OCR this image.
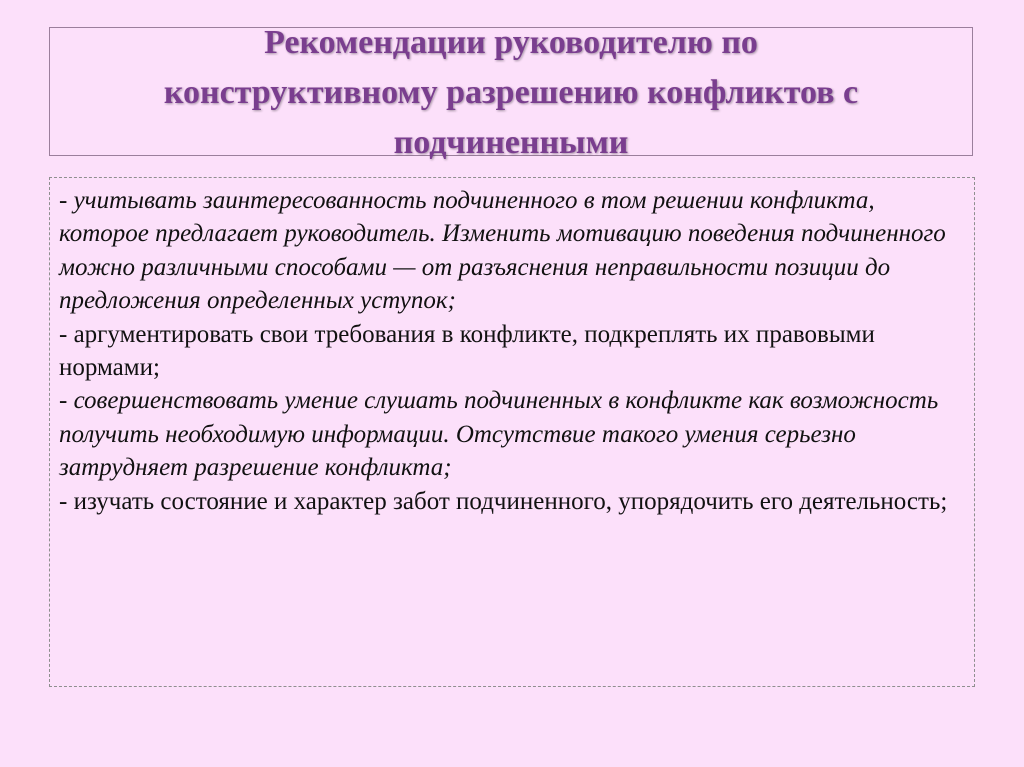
Рекомендации руководителю по
конструктивному разрешению конфликтов с
подчиненными

- учитывать заинтересованность подчиненного в том решении конфликта, которое предлагает руководитель. Изменить мотивацию поведения подчиненного можно различными способами — от разъяснения неправильности позиции до предложения определенных уступок;

- аргументировать свои требования в конфликте, подкреплять их правовыми нормами;

- совершенствовать умение слушать подчиненных в конфликте как возможность получить необходимую информации. Отсутствие такого умения серьезно затрудняет разрешение конфликта;

- изучать состояние и характер забот подчиненного, упорядочить его деятельность;
